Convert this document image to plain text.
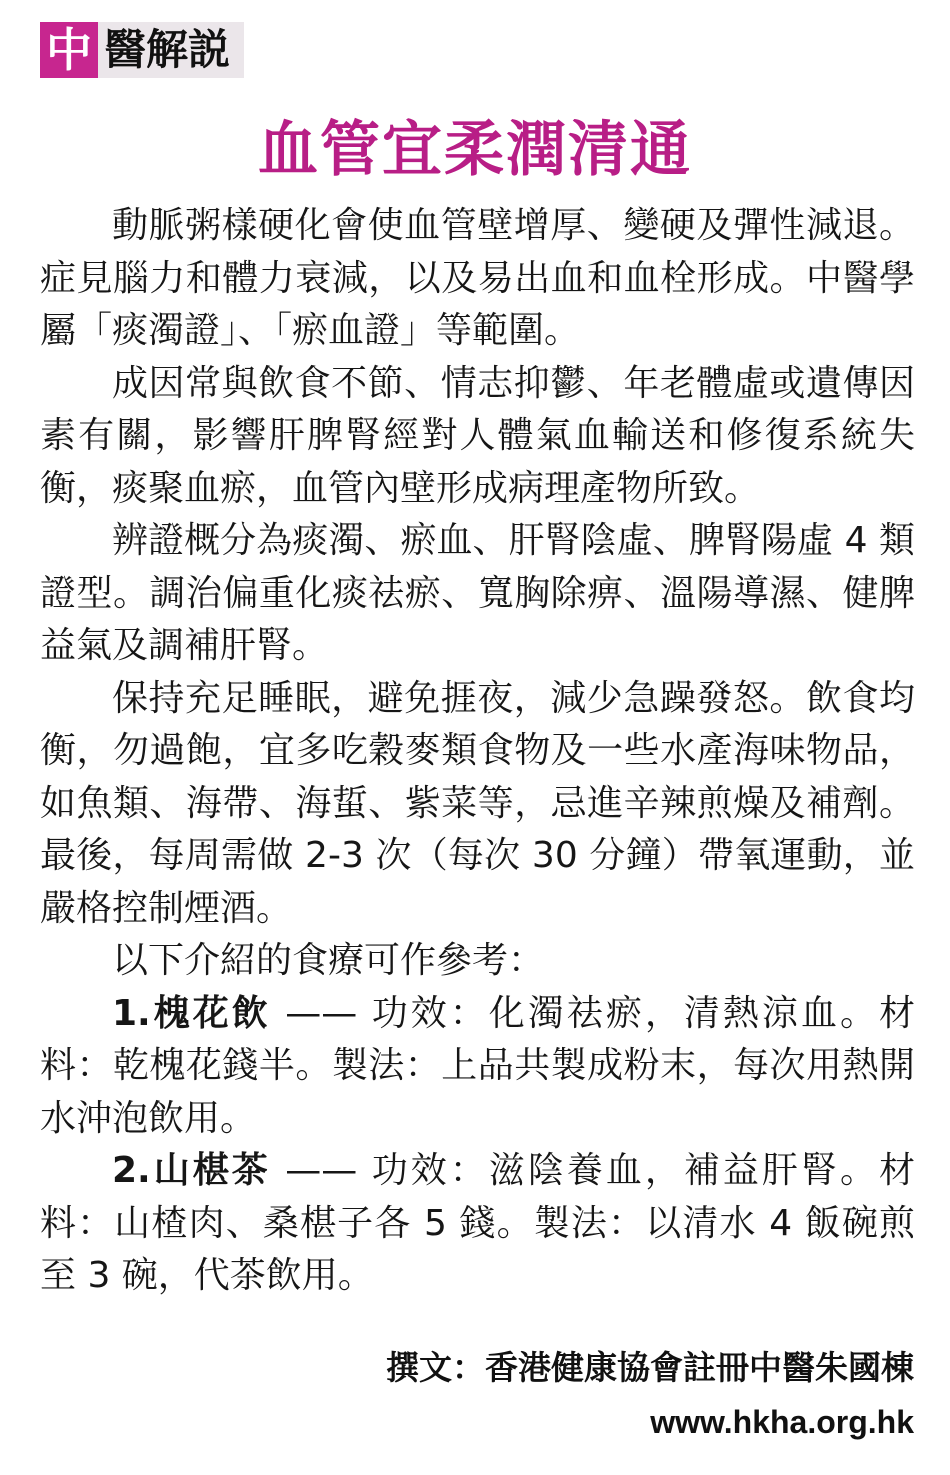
中 醫解説
血管宜柔潤清通

動脈粥樣硬化會使血管壁增厚、變硬及彈性減退。症見腦力和體力衰減，以及易出血和血栓形成。中醫學屬「痰濁證」、「瘀血證」等範圍。

成因常與飲食不節、情志抑鬱、年老體虛或遺傳因素有關，影響肝脾腎經對人體氣血輸送和修復系統失衡，痰聚血瘀，血管內壁形成病理產物所致。

辨證概分為痰濁、瘀血、肝腎陰虛、脾腎陽虛 4 類證型。調治偏重化痰祛瘀、寬胸除痹、溫陽導濕、健脾益氣及調補肝腎。

保持充足睡眠，避免捱夜，減少急躁發怒。飲食均衡，勿過飽，宜多吃穀麥類食物及一些水產海味物品，如魚類、海帶、海蜇、紫菜等，忌進辛辣煎燥及補劑。最後，每周需做 2-3 次（每次 30 分鐘）帶氧運動，並嚴格控制煙酒。

以下介紹的食療可作參考：

1.槐花飲 —— 功效：化濁祛瘀，清熱涼血。材料：乾槐花錢半。製法：上品共製成粉末，每次用熱開水沖泡飲用。

2.山椹茶 —— 功效：滋陰養血，補益肝腎。材料：山楂肉、桑椹子各 5 錢。製法：以清水 4 飯碗煎至 3 碗，代茶飲用。

撰文：香港健康協會註冊中醫朱國棟
www.hkha.org.hk
